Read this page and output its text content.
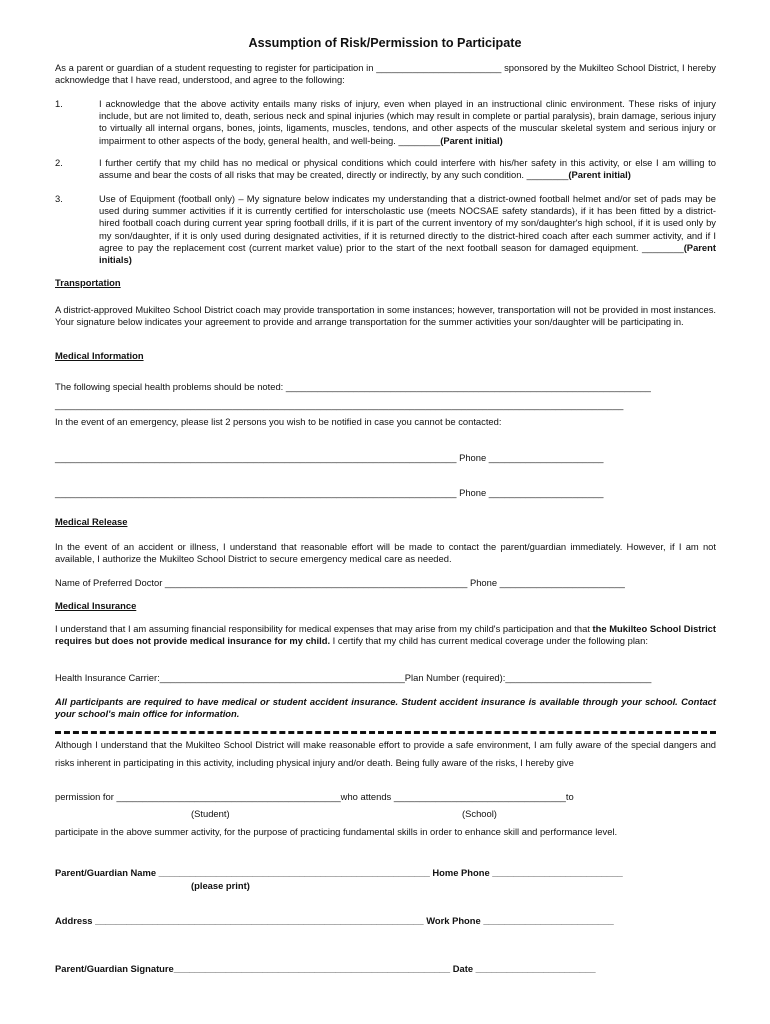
Assumption of Risk/Permission to Participate
As a parent or guardian of a student requesting to register for participation in ________________________ sponsored by the Mukilteo School District, I hereby acknowledge that I have read, understood, and agree to the following:
1.	I acknowledge that the above activity entails many risks of injury, even when played in an instructional clinic environment. These risks of injury include, but are not limited to, death, serious neck and spinal injuries (which may result in complete or partial paralysis), brain damage, serious injury to virtually all internal organs, bones, joints, ligaments, muscles, tendons, and other aspects of the muscular skeletal system and serious injury or impairment to other aspects of the body, general health, and well-being. ________(Parent initial)
2.	I further certify that my child has no medical or physical conditions which could interfere with his/her safety in this activity, or else I am willing to assume and bear the costs of all risks that may be created, directly or indirectly, by any such condition. ________(Parent initial)
3.	Use of Equipment (football only) – My signature below indicates my understanding that a district-owned football helmet and/or set of pads may be used during summer activities if it is currently certified for interscholastic use (meets NOCSAE safety standards), if it has been fitted by a district-hired football coach during current year spring football drills, if it is part of the current inventory of my son/daughter's high school, if it is used only by my son/daughter, if it is only used during designated activities, if it is returned directly to the district-hired coach after each summer activity, and if I agree to pay the replacement cost (current market value) prior to the start of the next football season for damaged equipment. ________(Parent initials)
Transportation
A district-approved Mukilteo School District coach may provide transportation in some instances; however, transportation will not be provided in most instances. Your signature below indicates your agreement to provide and arrange transportation for the summer activities your son/daughter will be participating in.
Medical Information
The following special health problems should be noted: ______________________________________________________________________
_____________________________________________________________________________________________________________
In the event of an emergency, please list 2 persons you wish to be notified in case you cannot be contacted:
_____________________________________________________________________________ Phone ______________________
_____________________________________________________________________________ Phone ______________________
Medical Release
In the event of an accident or illness, I understand that reasonable effort will be made to contact the parent/guardian immediately. However, if I am not available, I authorize the Mukilteo School District to secure emergency medical care as needed.
Name of Preferred Doctor __________________________________________________________ Phone ________________________
Medical Insurance
I understand that I am assuming financial responsibility for medical expenses that may arise from my child's participation and that the Mukilteo School District requires but does not provide medical insurance for my child. I certify that my child has current medical coverage under the following plan:
Health Insurance Carrier:_______________________________________________Plan Number (required):____________________________
All participants are required to have medical or student accident insurance. Student accident insurance is available through your school. Contact your school's main office for information.
Although I understand that the Mukilteo School District will make reasonable effort to provide a safe environment, I am fully aware of the special dangers and risks inherent in participating in this activity, including physical injury and/or death. Being fully aware of the risks, I hereby give
permission for ___________________________________________who attends _________________________________to
(Student)	(School)
participate in the above summer activity, for the purpose of practicing fundamental skills in order to enhance skill and performance level.
Parent/Guardian Name ____________________________________________________ Home Phone _________________________
(please print)
Address _______________________________________________________________ Work Phone _________________________
Parent/Guardian Signature_____________________________________________________ Date _______________________
